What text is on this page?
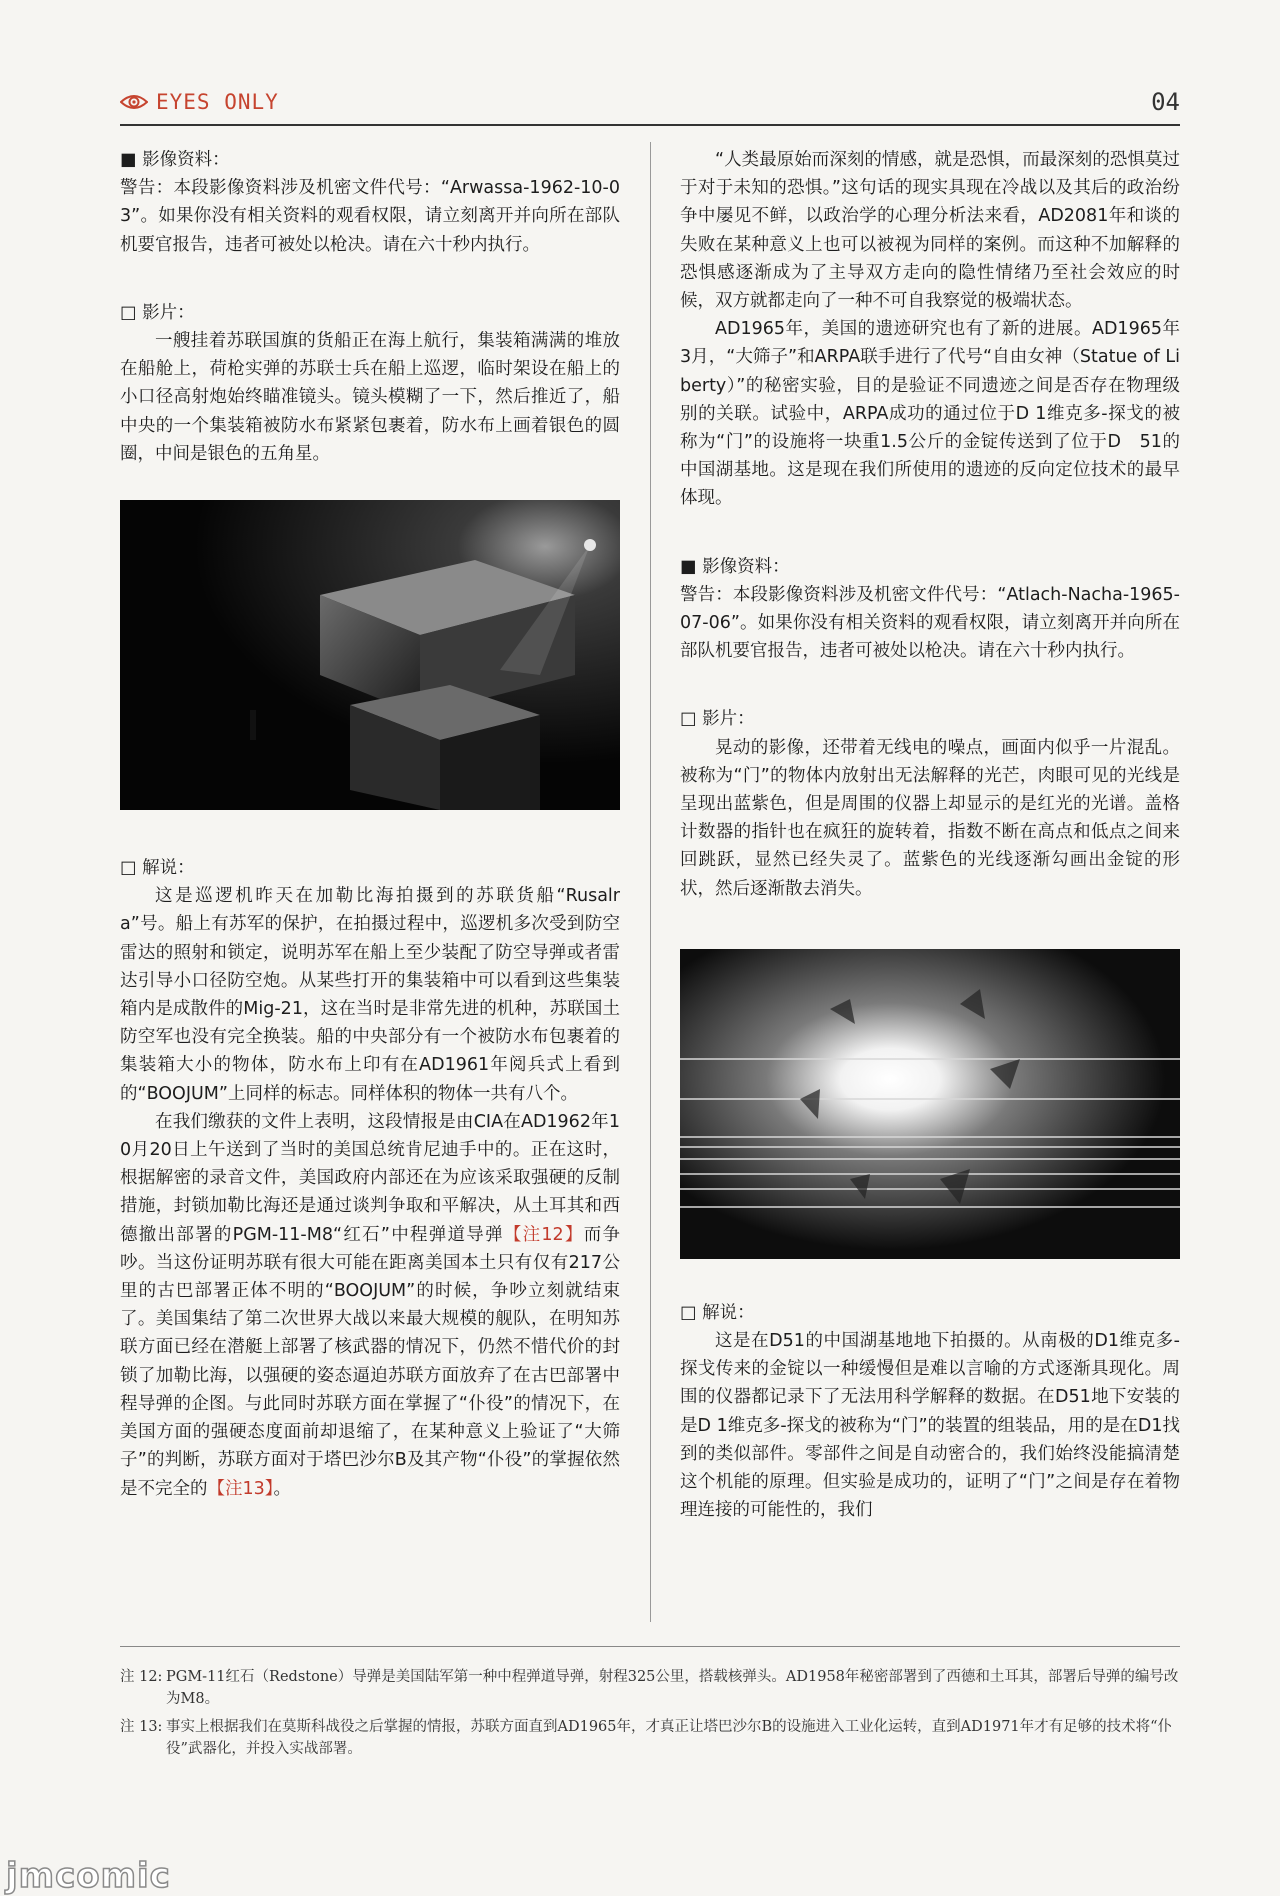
EYES ONLY	04

■ 影像资料：

警告：本段影像资料涉及机密文件代号：“Arwassa-1962-10-03”。如果你没有相关资料的观看权限，请立刻离开并向所在部队机要官报告，违者可被处以枪决。请在六十秒内执行。

□ 影片：

一艘挂着苏联国旗的货船正在海上航行，集装箱满满的堆放在船舱上，荷枪实弹的苏联士兵在船上巡逻，临时架设在船上的小口径高射炮始终瞄准镜头。镜头模糊了一下，然后推近了，船中央的一个集装箱被防水布紧紧包裹着，防水布上画着银色的圆圈，中间是银色的五角星。

□ 解说：

这是巡逻机昨天在加勒比海拍摄到的苏联货船“Rusalra”号。船上有苏军的保护，在拍摄过程中，巡逻机多次受到防空雷达的照射和锁定，说明苏军在船上至少装配了防空导弹或者雷达引导小口径防空炮。从某些打开的集装箱中可以看到这些集装箱内是成散件的Mig-21，这在当时是非常先进的机种，苏联国土防空军也没有完全换装。船的中央部分有一个被防水布包裹着的集装箱大小的物体，防水布上印有在AD1961年阅兵式上看到的“BOOJUM”上同样的标志。同样体积的物体一共有八个。

在我们缴获的文件上表明，这段情报是由CIA在AD1962年10月20日上午送到了当时的美国总统肯尼迪手中的。正在这时，根据解密的录音文件，美国政府内部还在为应该采取强硬的反制措施，封锁加勒比海还是通过谈判争取和平解决，从土耳其和西德撤出部署的PGM-11-M8“红石”中程弹道导弹【注12】而争吵。当这份证明苏联有很大可能在距离美国本土只有仅有217公里的古巴部署正体不明的“BOOJUM”的时候，争吵立刻就结束了。美国集结了第二次世界大战以来最大规模的舰队，在明知苏联方面已经在潜艇上部署了核武器的情况下，仍然不惜代价的封锁了加勒比海，以强硬的姿态逼迫苏联方面放弃了在古巴部署中程导弹的企图。与此同时苏联方面在掌握了“仆役”的情况下，在美国方面的强硬态度面前却退缩了，在某种意义上验证了“大筛子”的判断，苏联方面对于塔巴沙尔B及其产物“仆役”的掌握依然是不完全的【注13】。

“人类最原始而深刻的情感，就是恐惧，而最深刻的恐惧莫过于对于未知的恐惧。”这句话的现实具现在冷战以及其后的政治纷争中屡见不鲜，以政治学的心理分析法来看，AD2081年和谈的失败在某种意义上也可以被视为同样的案例。而这种不加解释的恐惧感逐渐成为了主导双方走向的隐性情绪乃至社会效应的时候，双方就都走向了一种不可自我察觉的极端状态。

AD1965年，美国的遗迹研究也有了新的进展。AD1965年3月，“大筛子”和ARPA联手进行了代号“自由女神（Statue of Liberty）”的秘密实验，目的是验证不同遗迹之间是否存在物理级别的关联。试验中，ARPA成功的通过位于D 1维克多-探戈的被称为“门”的设施将一块重1.5公斤的金锭传送到了位于D　51的中国湖基地。这是现在我们所使用的遗迹的反向定位技术的最早体现。

■ 影像资料：

警告：本段影像资料涉及机密文件代号：“Atlach-Nacha-1965-07-06”。如果你没有相关资料的观看权限，请立刻离开并向所在部队机要官报告，违者可被处以枪决。请在六十秒内执行。

□ 影片：

晃动的影像，还带着无线电的噪点，画面内似乎一片混乱。被称为“门”的物体内放射出无法解释的光芒，肉眼可见的光线是呈现出蓝紫色，但是周围的仪器上却显示的是红光的光谱。盖格计数器的指针也在疯狂的旋转着，指数不断在高点和低点之间来回跳跃，显然已经失灵了。蓝紫色的光线逐渐勾画出金锭的形状，然后逐渐散去消失。

□ 解说：

这是在D51的中国湖基地地下拍摄的。从南极的D1维克多-探戈传来的金锭以一种缓慢但是难以言喻的方式逐渐具现化。周围的仪器都记录下了无法用科学解释的数据。在D51地下安装的是D 1维克多-探戈的被称为“门”的装置的组装品，用的是在D1找到的类似部件。零部件之间是自动密合的，我们始终没能搞清楚这个机能的原理。但实验是成功的，证明了“门”之间是存在着物理连接的可能性的，我们

注 12: PGM-11红石（Redstone）导弹是美国陆军第一种中程弹道导弹，射程325公里，搭载核弹头。AD1958年秘密部署到了西德和土耳其，部署后导弹的编号改为M8。
注 13: 事实上根据我们在莫斯科战役之后掌握的情报，苏联方面直到AD1965年，才真正让塔巴沙尔B的设施进入工业化运转，直到AD1971年才有足够的技术将“仆役”武器化，并投入实战部署。
jmcomic
